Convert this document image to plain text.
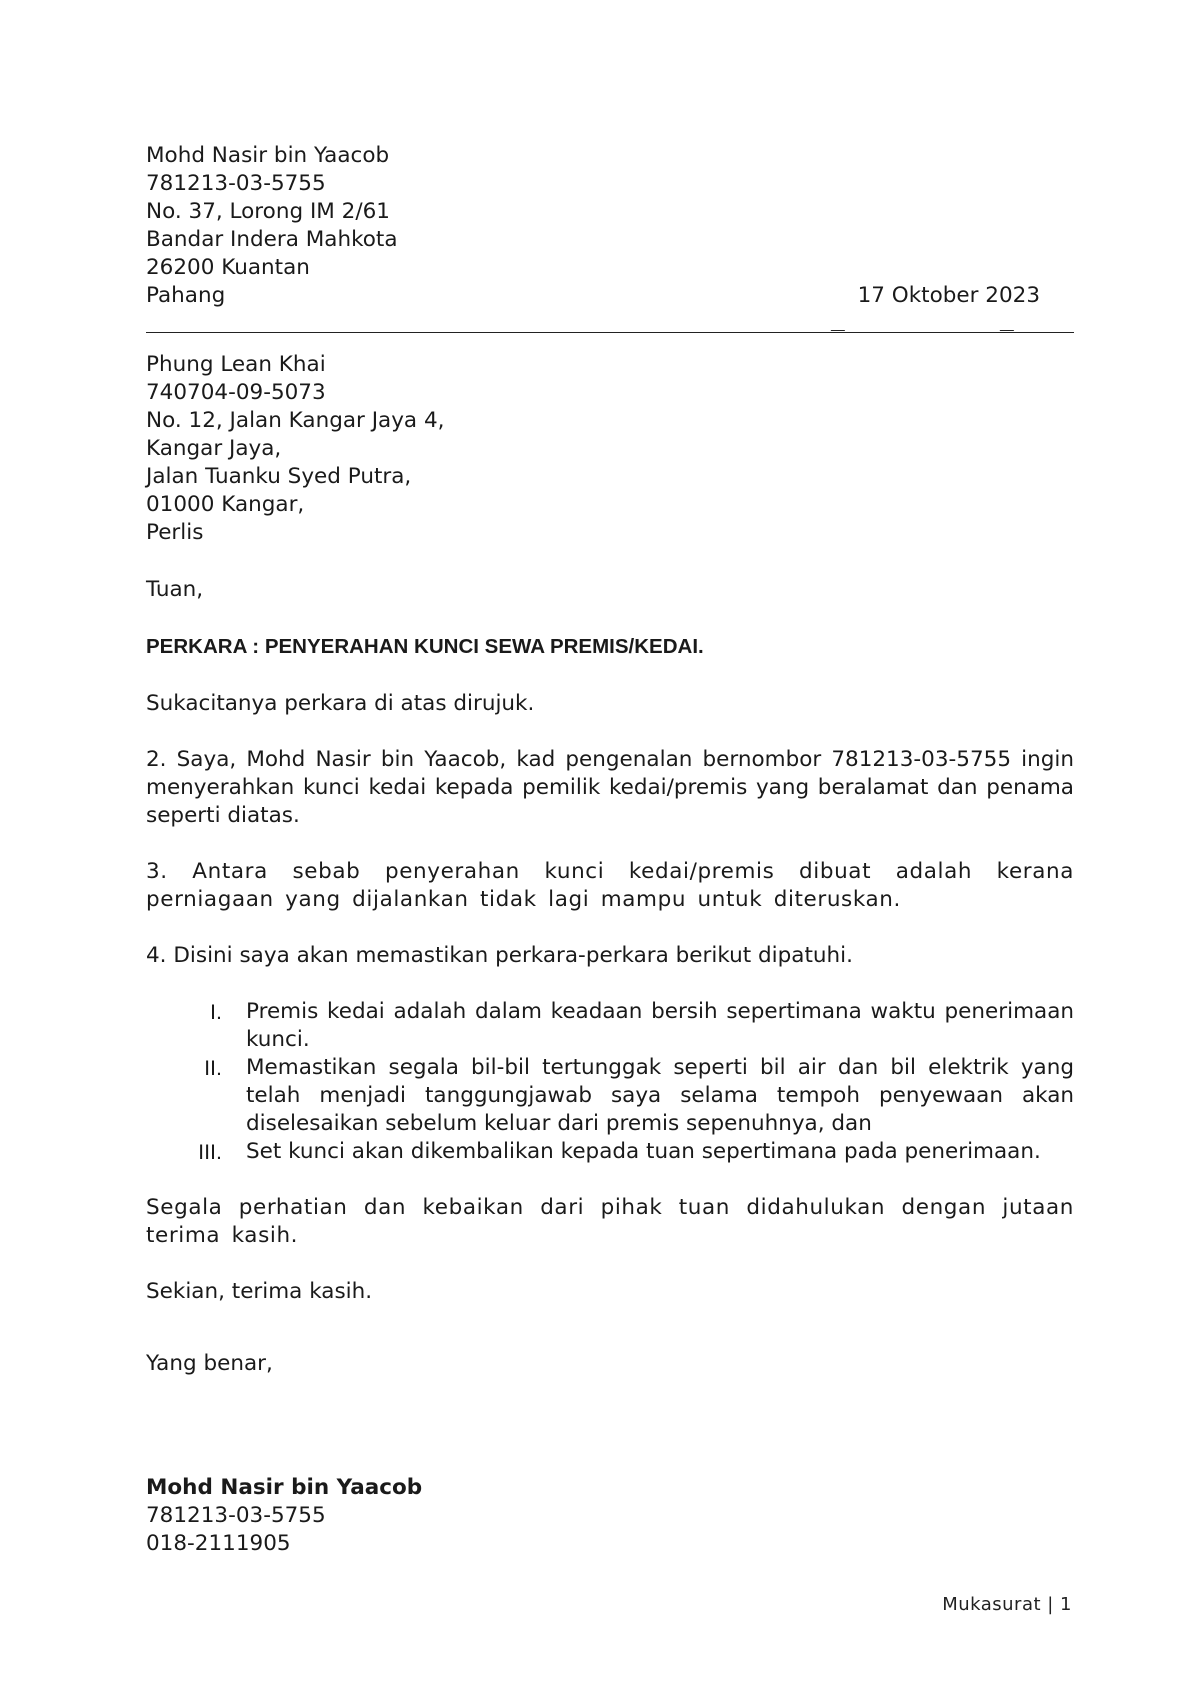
Mohd Nasir bin Yaacob
781213-03-5755
No. 37, Lorong IM 2/61
Bandar Indera Mahkota
26200 Kuantan
Pahang	17 Oktober 2023
Phung Lean Khai
740704-09-5073
No. 12, Jalan Kangar Jaya 4,
Kangar Jaya,
Jalan Tuanku Syed Putra,
01000 Kangar,
Perlis
Tuan,
PERKARA : PENYERAHAN KUNCI SEWA PREMIS/KEDAI.
Sukacitanya perkara di atas dirujuk.
2. Saya, Mohd Nasir bin Yaacob, kad pengenalan bernombor 781213-03-5755 ingin menyerahkan kunci kedai kepada pemilik kedai/premis yang beralamat dan penama seperti diatas.
3. Antara sebab penyerahan kunci kedai/premis dibuat adalah kerana perniagaan yang dijalankan tidak lagi mampu untuk diteruskan.
4. Disini saya akan memastikan perkara-perkara berikut dipatuhi.
I. Premis kedai adalah dalam keadaan bersih sepertimana waktu penerimaan kunci.
II. Memastikan segala bil-bil tertunggak seperti bil air dan bil elektrik yang telah menjadi tanggungjawab saya selama tempoh penyewaan akan diselesaikan sebelum keluar dari premis sepenuhnya, dan
III. Set kunci akan dikembalikan kepada tuan sepertimana pada penerimaan.
Segala perhatian dan kebaikan dari pihak tuan didahulukan dengan jutaan terima kasih.
Sekian, terima kasih.
Yang benar,
Mohd Nasir bin Yaacob
781213-03-5755
018-2111905
Mukasurat | 1
